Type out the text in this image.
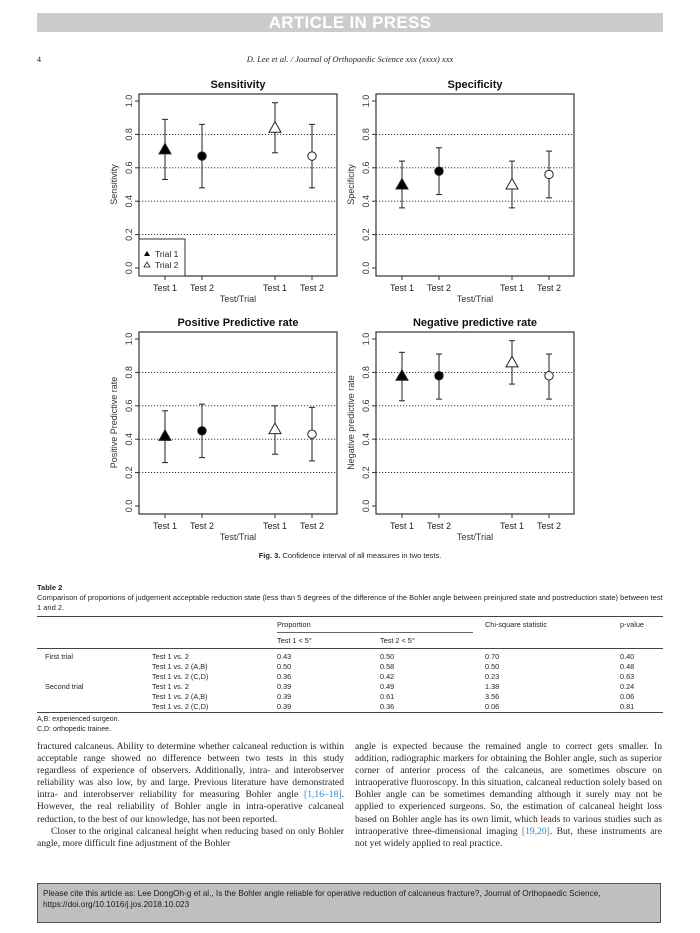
ARTICLE IN PRESS
4	D. Lee et al. / Journal of Orthopaedic Science xxx (xxxx) xxx
Sensitivity
0.0
0.2
0.4
0.6
0.8
1.0
Sensitivity
Test 1 Test 2	Test 1 Test 2
Test/Trial
Trial 1
Trial 2
Specificity
0.0
0.2
0.4
0.6
0.8
1.0
Specificity
Test 1 Test 2	Test 1 Test 2
Test/Trial
Positive Predictive rate
0.0
0.2
0.4
0.6
0.8
1.0
Positive Predictive rate
Test 1 Test 2	Test 1 Test 2
Test/Trial
Negative predictive rate
0.0
0.2
0.4
0.6
0.8
1.0
Negative predictive rate
Test 1 Test 2	Test 1 Test 2
Test/Trial
Fig. 3. Confidence interval of all measures in two tests.
Table 2
Comparison of proportions of judgement acceptable reduction state (less than 5 degrees of the difference of the Bohler angle between preinjured state and postreduction state) between test 1 and 2.
Proportion
Test 1 < 5°	Test 2 < 5°
Chi-square statistic	p-value
First trial	Test 1 vs. 2	0.43	0.50	0.70	0.40
Test 1 vs. 2 (A,B)	0.50	0.58	0.50	0.48
Test 1 vs. 2 (C,D)	0.36	0.42	0.23	0.63
Second trial	Test 1 vs. 2	0.39	0.49	1.38	0.24
Test 1 vs. 2 (A,B)	0.39	0.61	3.56	0.06
Test 1 vs. 2 (C,D)	0.39	0.36	0.06	0.81
A,B: experienced surgeon.
C,D: orthopedic trainee.

fractured calcaneus. Ability to determine whether calcaneal reduction is within acceptable range showed no difference between two tests in this study regardless of experience of observers. Additionally, intra- and interobserver reliability was also low, by and large. Previous literature have demonstrated intra- and interobserver reliability for measuring Bohler angle [1,16–18]. However, the real reliability of Bohler angle in intra-operative calcaneal reduction, to the best of our knowledge, has not been reported.

Closer to the original calcaneal height when reducing based on only Bohler angle, more difficult fine adjustment of the Bohler

angle is expected because the remained angle to correct gets smaller. In addition, radiographic markers for obtaining the Bohler angle, such as superior corner of anterior process of the calcaneus, are sometimes obscure on intraoperative fluoroscopy. In this situation, calcaneal reduction solely based on Bohler angle can be sometimes demanding although it surely may not be applied to experienced surgeons. So, the estimation of calcaneal height loss based on Bohler angle has its own limit, which leads to various studies such as intraoperative three-dimensional imaging [19,20]. But, these instruments are not yet widely applied to real practice.

Please cite this article as: Lee DongOh-g et al., Is the Bohler angle reliable for operative reduction of calcaneus fracture?, Journal of Orthopaedic Science, https://doi.org/10.1016/j.jos.2018.10.023
